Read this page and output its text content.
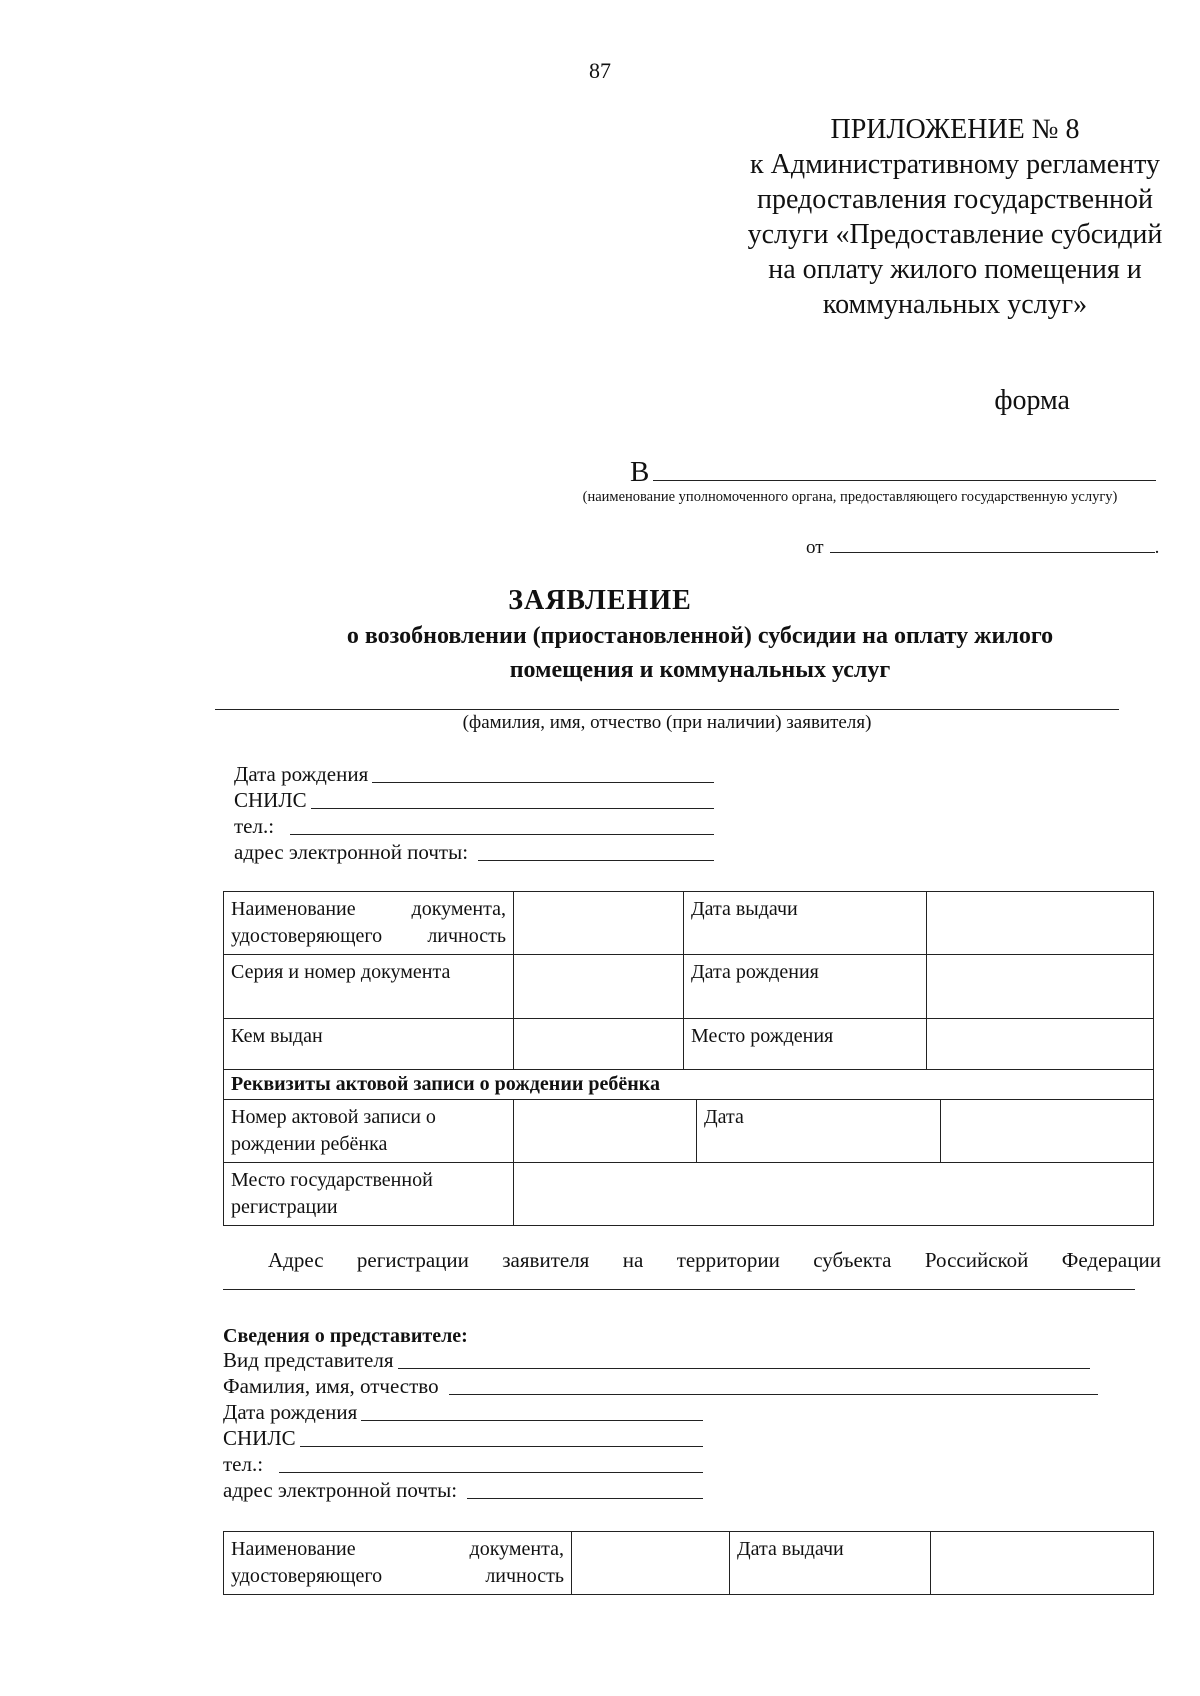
87
ПРИЛОЖЕНИЕ № 8
к Административному регламенту
предоставления государственной
услуги «Предоставление субсидий
на оплату жилого помещения и
коммунальных услуг»
форма
В
(наименование уполномоченного органа, предоставляющего государственную услугу)
от	.
ЗАЯВЛЕНИЕ
о возобновлении (приостановленной) субсидии на оплату жилого
помещения и коммунальных услуг
(фамилия, имя, отчество (при наличии) заявителя)
Дата рождения
СНИЛС
тел.:
адрес электронной почты:
Наименование документа, удостоверяющего личность		Дата выдачи			
Серия и номер документа		Дата рождения			
Кем выдан		Место рождения			
Реквизиты актовой записи о рождении ребёнка					
Номер актовой записи о рождении ребёнка			Дата		
Место государственной регистрации					
Адрес регистрации заявителя на территории субъекта Российской Федерации
Сведения о представителе:
Вид представителя
Фамилия, имя, отчество
Дата рождения
СНИЛС
тел.:
адрес электронной почты:
Наименование документа, удостоверяющего личность		Дата выдачи	
